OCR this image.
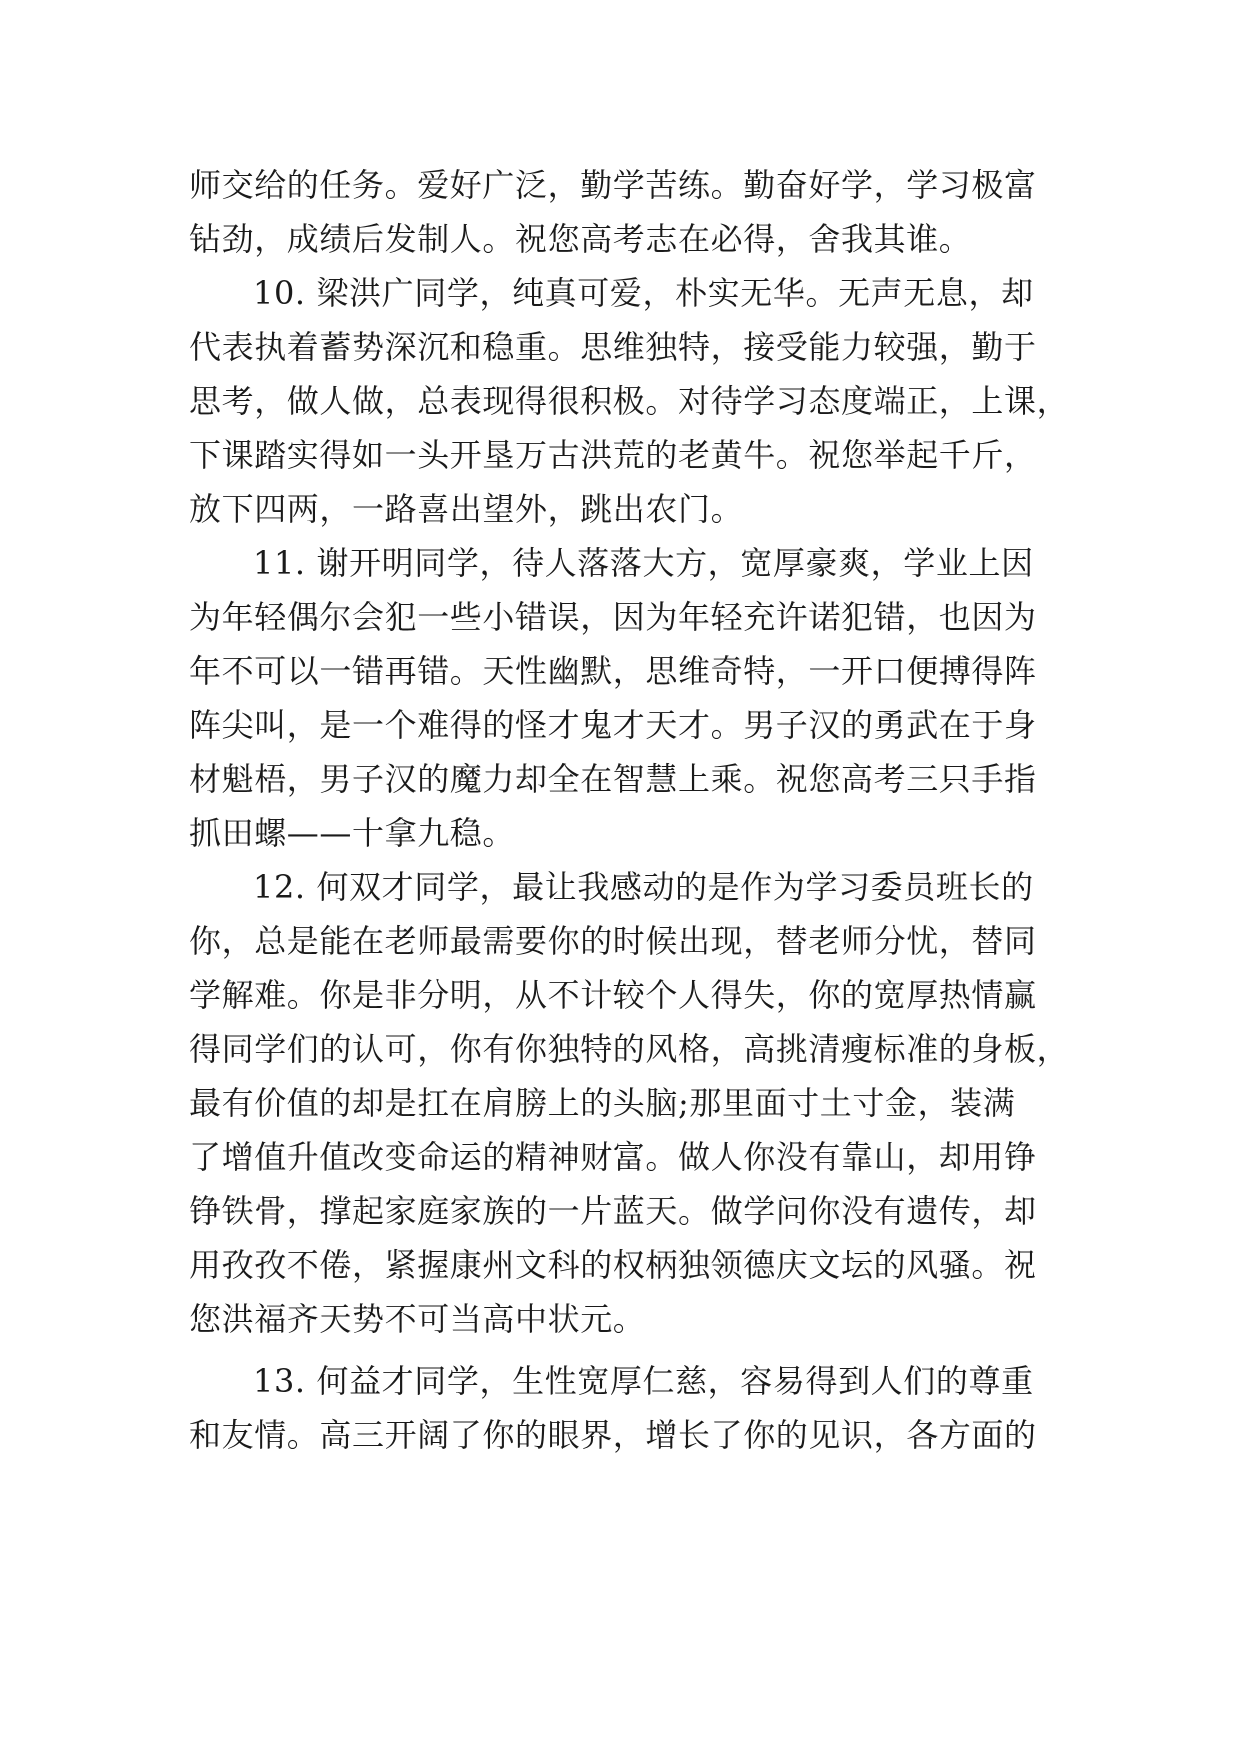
师交给的任务。爱好广泛，勤学苦练。勤奋好学，学习极富
钻劲，成绩后发制人。祝您高考志在必得，舍我其谁。
10. 梁洪广同学，纯真可爱，朴实无华。无声无息，却
代表执着蓄势深沉和稳重。思维独特，接受能力较强，勤于
思考，做人做，总表现得很积极。对待学习态度端正，上课，
下课踏实得如一头开垦万古洪荒的老黄牛。祝您举起千斤，
放下四两，一路喜出望外，跳出农门。
11. 谢开明同学，待人落落大方，宽厚豪爽，学业上因
为年轻偶尔会犯一些小错误，因为年轻充许诺犯错，也因为
年不可以一错再错。天性幽默，思维奇特，一开口便搏得阵
阵尖叫，是一个难得的怪才鬼才天才。男子汉的勇武在于身
材魁梧，男子汉的魔力却全在智慧上乘。祝您高考三只手指
抓田螺——十拿九稳。
12. 何双才同学，最让我感动的是作为学习委员班长的
你，总是能在老师最需要你的时候出现，替老师分忧，替同
学解难。你是非分明，从不计较个人得失，你的宽厚热情赢
得同学们的认可，你有你独特的风格，高挑清瘦标准的身板，
最有价值的却是扛在肩膀上的头脑;那里面寸土寸金，装满
了增值升值改变命运的精神财富。做人你没有靠山，却用铮
铮铁骨，撑起家庭家族的一片蓝天。做学问你没有遗传，却
用孜孜不倦，紧握康州文科的权柄独领德庆文坛的风骚。祝
您洪福齐天势不可当高中状元。
13. 何益才同学，生性宽厚仁慈，容易得到人们的尊重
和友情。高三开阔了你的眼界，增长了你的见识，各方面的
